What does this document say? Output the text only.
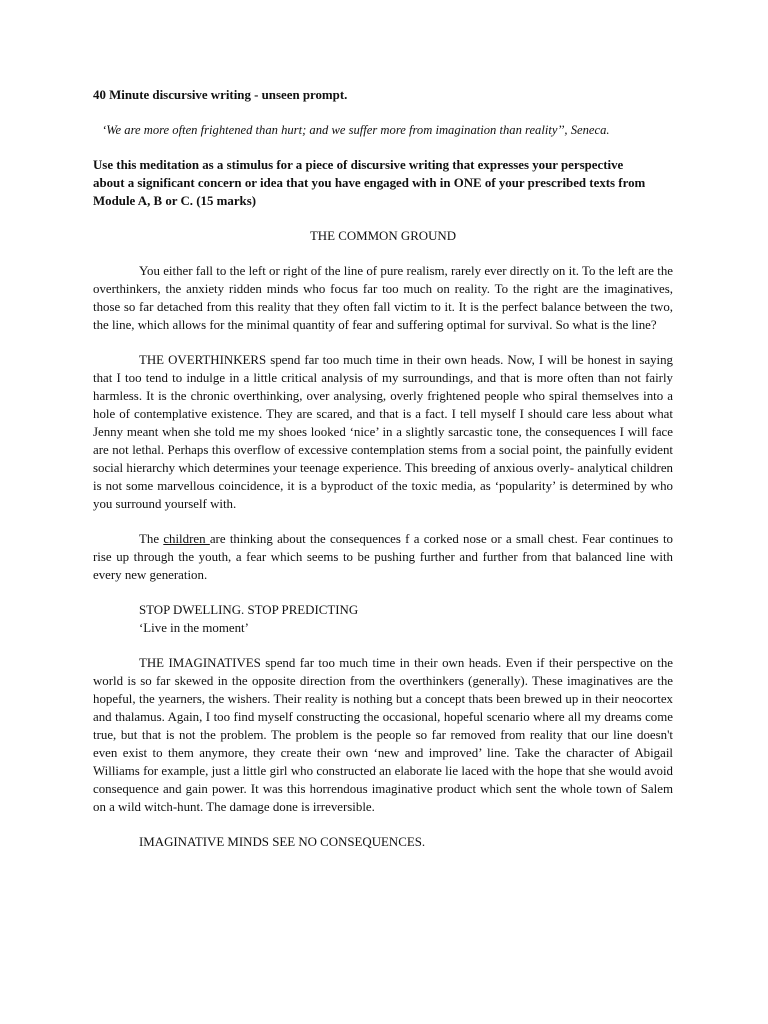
40 Minute discursive writing - unseen prompt.

‘We are more often frightened than hurt; and we suffer more from imagination than reality’’, Seneca.

Use this meditation as a stimulus for a piece of discursive writing that expresses your perspective about a significant concern or idea that you have engaged with in ONE of your prescribed texts from Module A, B or C. (15 marks)

THE COMMON GROUND

You either fall to the left or right of the line of pure realism, rarely ever directly on it. To the left are the overthinkers, the anxiety ridden minds who focus far too much on reality. To the right are the imaginatives, those so far detached from this reality that they often fall victim to it. It is the perfect balance between the two, the line, which allows for the minimal quantity of fear and suffering optimal for survival. So what is the line?

THE OVERTHINKERS spend far too much time in their own heads. Now, I will be honest in saying that I too tend to indulge in a little critical analysis of my surroundings, and that is more often than not fairly harmless. It is the chronic overthinking, over analysing, overly frightened people who spiral themselves into a hole of contemplative existence. They are scared, and that is a fact. I tell myself I should care less about what Jenny meant when she told me my shoes looked ‘nice’ in a slightly sarcastic tone, the consequences I will face are not lethal. Perhaps this overflow of excessive contemplation stems from a social point, the painfully evident social hierarchy which determines your teenage experience. This breeding of anxious overly- analytical children is not some marvellous coincidence, it is a byproduct of the toxic media, as ‘popularity’ is determined by who you surround yourself with.

The children are thinking about the consequences f a corked nose or a small chest. Fear continues to rise up through the youth, a fear which seems to be pushing further and further from that balanced line with every new generation.

STOP DWELLING. STOP PREDICTING
‘Live in the moment’

THE IMAGINATIVES spend far too much time in their own heads. Even if their perspective on the world is so far skewed in the opposite direction from the overthinkers (generally). These imaginatives are the hopeful, the yearners, the wishers. Their reality is nothing but a concept thats been brewed up in their neocortex and thalamus. Again, I too find myself constructing the occasional, hopeful scenario where all my dreams come true, but that is not the problem. The problem is the people so far removed from reality that our line doesn't even exist to them anymore, they create their own ‘new and improved’ line. Take the character of Abigail Williams for example, just a little girl who constructed an elaborate lie laced with the hope that she would avoid consequence and gain power. It was this horrendous imaginative product which sent the whole town of Salem on a wild witch-hunt. The damage done is irreversible.

IMAGINATIVE MINDS SEE NO CONSEQUENCES.
